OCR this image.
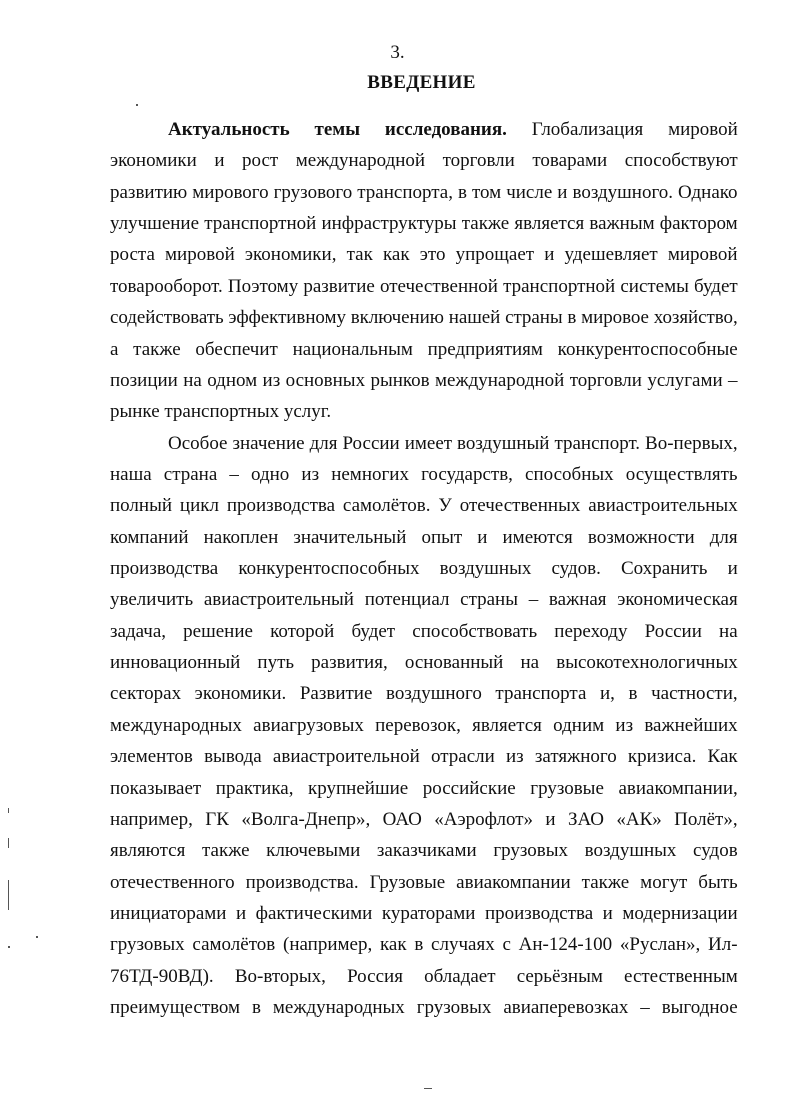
3.
ВВЕДЕНИЕ
Актуальность темы исследования. Глобализация мировой
экономики и рост международной торговли товарами способствуют
развитию мирового грузового транспорта, в том числе и воздушного. Однако
улучшение транспортной инфраструктуры также является важным фактором
роста мировой экономики, так как это упрощает и удешевляет мировой
товарооборот. Поэтому развитие отечественной транспортной системы будет
содействовать эффективному включению нашей страны в мировое хозяйство,
а также обеспечит национальным предприятиям конкурентоспособные
позиции на одном из основных рынков международной торговли услугами –
рынке транспортных услуг.
Особое значение для России имеет воздушный транспорт. Во-первых,
наша страна – одно из немногих государств, способных осуществлять
полный цикл производства самолётов. У отечественных авиастроительных
компаний накоплен значительный опыт и имеются возможности для
производства конкурентоспособных воздушных судов. Сохранить и
увеличить авиастроительный потенциал страны – важная экономическая
задача, решение которой будет способствовать переходу России на
инновационный путь развития, основанный на высокотехнологичных
секторах экономики. Развитие воздушного транспорта и, в частности,
международных авиагрузовых перевозок, является одним из важнейших
элементов вывода авиастроительной отрасли из затяжного кризиса. Как
показывает практика, крупнейшие российские грузовые авиакомпании,
например, ГК «Волга-Днепр», ОАО «Аэрофлот» и ЗАО «АК» Полёт»,
являются также ключевыми заказчиками грузовых воздушных судов
отечественного производства. Грузовые авиакомпании также могут быть
инициаторами и фактическими кураторами производства и модернизации
грузовых самолётов (например, как в случаях с Ан-124-100 «Руслан», Ил-
76ТД-90ВД). Во-вторых, Россия обладает серьёзным естественным
преимуществом в международных грузовых авиаперевозках – выгодное
